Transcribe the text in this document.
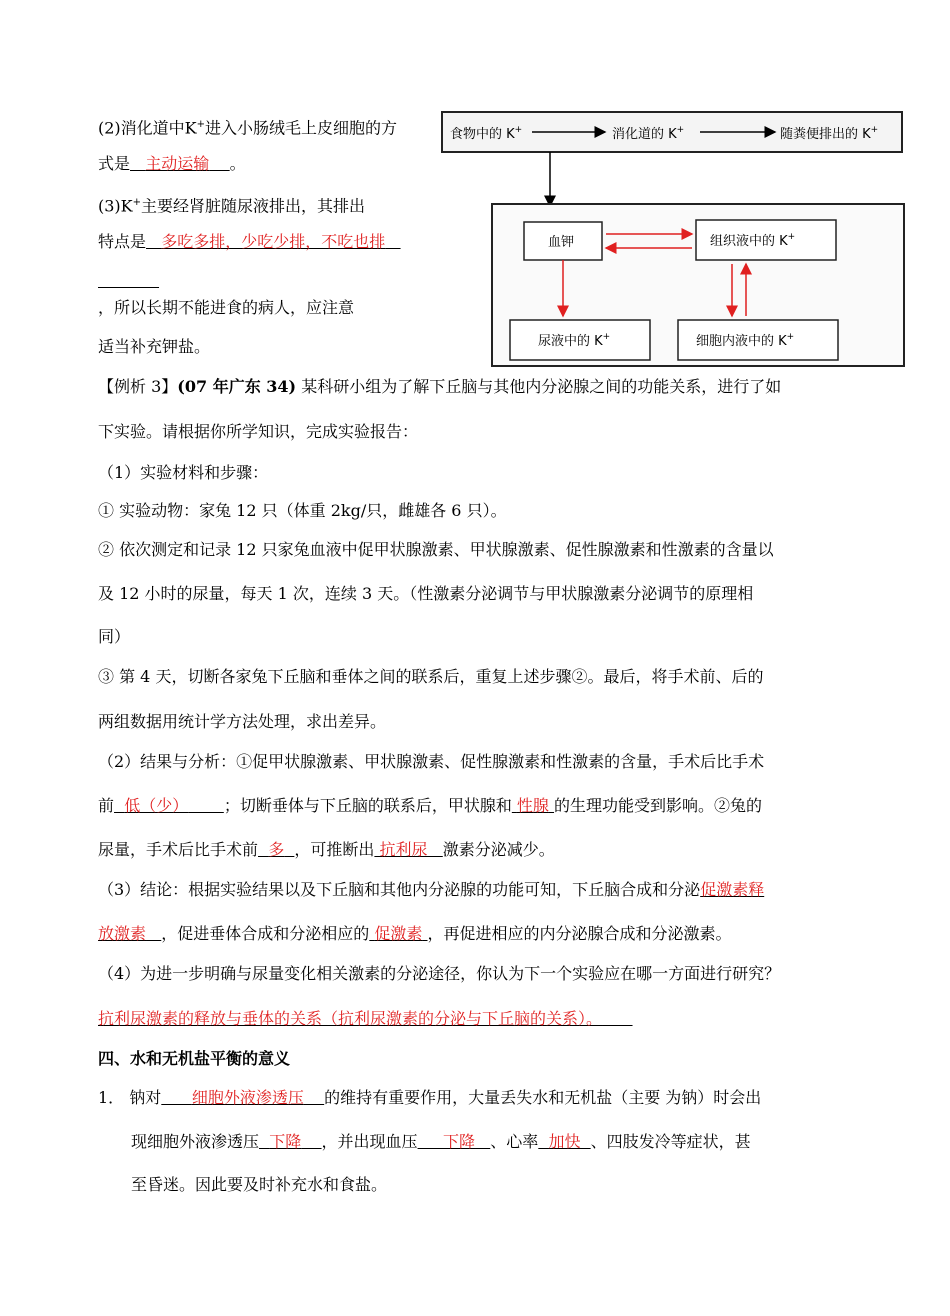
(2)消化道中K+进入小肠绒毛上皮细胞的方
式是 主动运输 。
(3)K+主要经肾脏随尿液排出，其排出
特点是 多吃多排，少吃少排，不吃也排

，所以长期不能进食的病人，应注意
适当补充钾盐。
食物中的 K+	消化道的 K+	随粪便排出的 K+
血钾	组织液中的 K+
尿液中的 K+	细胞内液中的 K+
【例析 3】(07 年广东 34) 某科研小组为了解下丘脑与其他内分泌腺之间的功能关系，进行了如
下实验。请根据你所学知识，完成实验报告：
（1）实验材料和步骤：
① 实验动物：家兔 12 只（体重 2kg/只，雌雄各 6 只）。
② 依次测定和记录 12 只家兔血液中促甲状腺激素、甲状腺激素、促性腺激素和性激素的含量以
及 12 小时的尿量，每天 1 次，连续 3 天。（性激素分泌调节与甲状腺激素分泌调节的原理相
同）
③ 第 4 天，切断各家兔下丘脑和垂体之间的联系后，重复上述步骤②。最后，将手术前、后的
两组数据用统计学方法处理，求出差异。
（2）结果与分析：①促甲状腺激素、甲状腺激素、促性腺激素和性激素的含量，手术后比手术
前 低（少） ；切断垂体与下丘脑的联系后，甲状腺和 性腺 的生理功能受到影响。②兔的
尿量，手术后比手术前 多 ，可推断出 抗利尿 激素分泌减少。
（3）结论：根据实验结果以及下丘脑和其他内分泌腺的功能可知，下丘脑合成和分泌促激素释
放激素 ，促进垂体合成和分泌相应的 促激素 ，再促进相应的内分泌腺合成和分泌激素。
（4）为进一步明确与尿量变化相关激素的分泌途径，你认为下一个实验应在哪一方面进行研究？
抗利尿激素的释放与垂体的关系（抗利尿激素的分泌与下丘脑的关系）。
四、水和无机盐平衡的意义
1． 钠对 细胞外液渗透压 的维持有重要作用，大量丢失水和无机盐（主要 为钠）时会出
现细胞外液渗透压 下降 ，并出现血压 下降 、心率 加快 、四肢发冷等症状，甚
至昏迷。因此要及时补充水和食盐。
